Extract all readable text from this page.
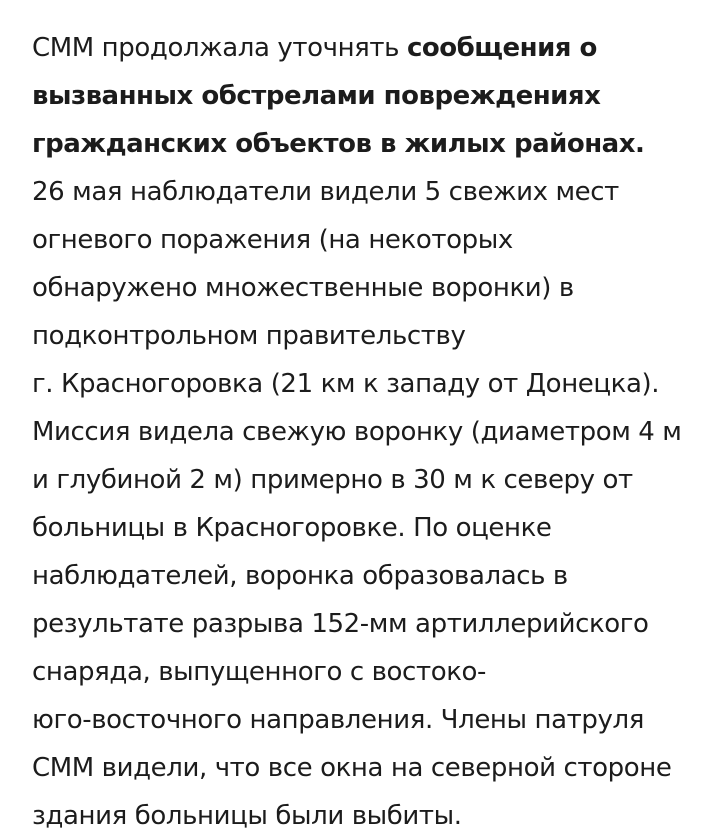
СММ продолжала уточнять сообщения о
вызванных обстрелами повреждениях
гражданских объектов в жилых районах.
26 мая наблюдатели видели 5 свежих мест
огневого поражения (на некоторых
обнаружено множественные воронки) в
подконтрольном правительству
г. Красногоровка (21 км к западу от Донецка).
Миссия видела свежую воронку (диаметром 4 м
и глубиной 2 м) примерно в 30 м к северу от
больницы в Красногоровке. По оценке
наблюдателей, воронка образовалась в
результате разрыва 152-мм артиллерийского
снаряда, выпущенного с востоко-
юго-восточного направления. Члены патруля
СММ видели, что все окна на северной стороне
здания больницы были выбиты.
